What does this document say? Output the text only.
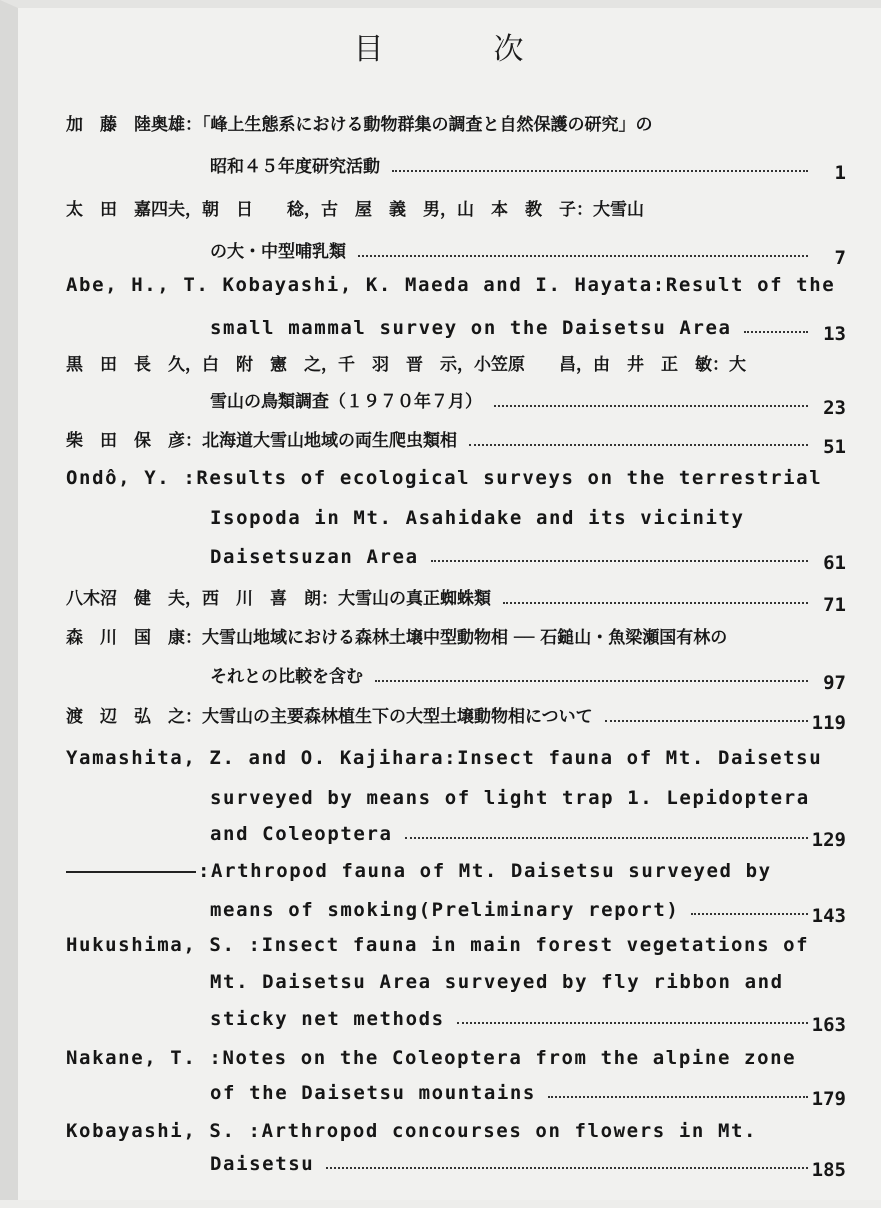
目次
加　藤　陸奥雄：「峰上生態系における動物群集の調査と自然保護の研究」の
昭和４５年度研究活動	1
太　田　嘉四夫，朝　日　　稔，古　屋　義　男，山　本　教　子：大雪山
の大・中型哺乳類	7
Abe, H., T. Kobayashi, K. Maeda and I. Hayata:Result of the
small mammal survey on the Daisetsu Area	13
黒　田　長　久，白　附　憲　之，千　羽　晋　示，小笠原　　昌，由　井　正　敏：大
雪山の鳥類調査（１９７０年７月）	23
柴　田　保　彦：北海道大雪山地域の両生爬虫類相	51
Ondô, Y. :Results of ecological surveys on the terrestrial
Isopoda in Mt. Asahidake and its vicinity
Daisetsuzan Area	61
八木沼　健　夫，西　川　喜　朗：大雪山の真正蜘蛛類	71
森　川　国　康：大雪山地域における森林土壌中型動物相 ── 石鎚山・魚梁瀬国有林の
それとの比較を含む	97
渡　辺　弘　之：大雪山の主要森林植生下の大型土壌動物相について	119
Yamashita, Z. and O. Kajihara:Insect fauna of Mt. Daisetsu
surveyed by means of light trap 1. Lepidoptera
and Coleoptera	129
:Arthropod fauna of Mt. Daisetsu surveyed by
means of smoking(Preliminary report)	143
Hukushima, S. :Insect fauna in main forest vegetations of
Mt. Daisetsu Area surveyed by fly ribbon and
sticky net methods	163
Nakane, T. :Notes on the Coleoptera from the alpine zone
of the Daisetsu mountains	179
Kobayashi, S. :Arthropod concourses on flowers in Mt.
Daisetsu	185
